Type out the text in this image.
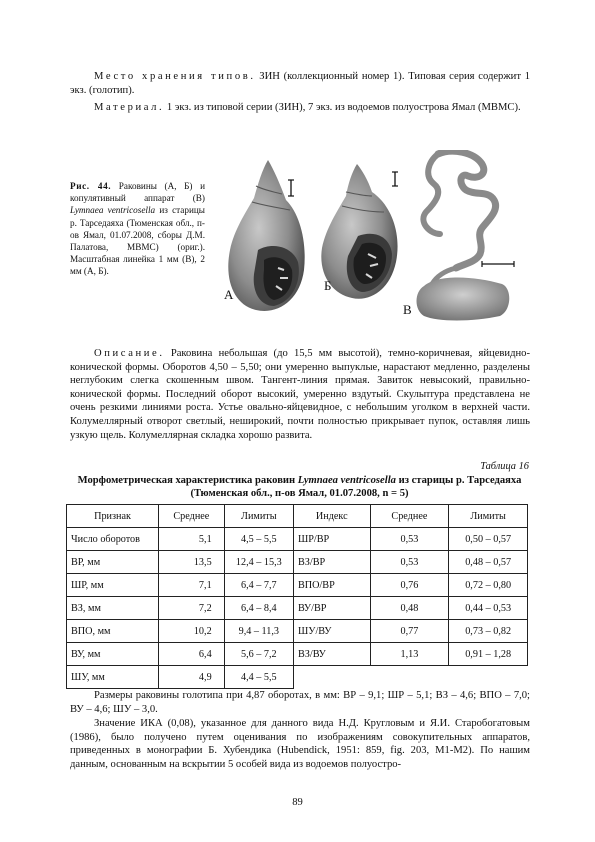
Место хранения типов. ЗИН (коллекционный номер 1). Типовая серия содержит 1 экз. (голотип).

Материал. 1 экз. из типовой серии (ЗИН), 7 экз. из водоемов полуострова Ямал (МВМС).

Рис. 44. Раковины (А, Б) и копулятивный аппарат (В) Lymnaea ventricosella из старицы р. Тарседаяха (Тюменская обл., п-ов Ямал, 01.07.2008, сборы Д.М. Палатова, МВМС) (ориг.). Масштабная линейка 1 мм (В), 2 мм (А, Б).
А
Б
В

Описание. Раковина небольшая (до 15,5 мм высотой), темно-коричневая, яйцевидно-конической формы. Оборотов 4,50 – 5,50; они умеренно выпуклые, нарастают медленно, разделены неглубоким слегка скошенным швом. Тангент-линия прямая. Завиток невысокий, правильно-конической формы. Последний оборот высокий, умеренно вздутый. Скульптура представлена не очень резкими линиями роста. Устье овально-яйцевидное, с небольшим уголком в верхней части. Колумеллярный отворот светлый, неширокий, почти полностью прикрывает пупок, оставляя лишь узкую щель. Колумеллярная складка хорошо развита.

Таблица 16
Морфометрическая характеристика раковин Lymnaea ventricosella из старицы р. Тарседаяха (Тюменская обл., п-ов Ямал, 01.07.2008, n = 5)
Признак	Среднее	Лимиты	Индекс	Среднее	Лимиты
Число оборотов	5,1	4,5 – 5,5	ШР/ВР	0,53	0,50 – 0,57
ВР, мм	13,5	12,4 – 15,3	ВЗ/ВР	0,53	0,48 – 0,57
ШР, мм	7,1	6,4 – 7,7	ВПО/ВР	0,76	0,72 – 0,80
ВЗ, мм	7,2	6,4 – 8,4	ВУ/ВР	0,48	0,44 – 0,53
ВПО, мм	10,2	9,4 – 11,3	ШУ/ВУ	0,77	0,73 – 0,82
ВУ, мм	6,4	5,6 – 7,2	ВЗ/ВУ	1,13	0,91 – 1,28
ШУ, мм	4,9	4,4 – 5,5			

Размеры раковины голотипа при 4,87 оборотах, в мм: ВР – 9,1; ШР – 5,1; ВЗ – 4,6; ВПО – 7,0; ВУ – 4,6; ШУ – 3,0.

Значение ИКА (0,08), указанное для данного вида Н.Д. Кругловым и Я.И. Старобогатовым (1986), было получено путем оценивания по изображениям совокупительных аппаратов, приведенных в монографии Б. Хубендика (Hubendick, 1951: 859, fig. 203, M1-M2). По нашим данным, основанным на вскрытии 5 особей вида из водоемов полуостро-

89
